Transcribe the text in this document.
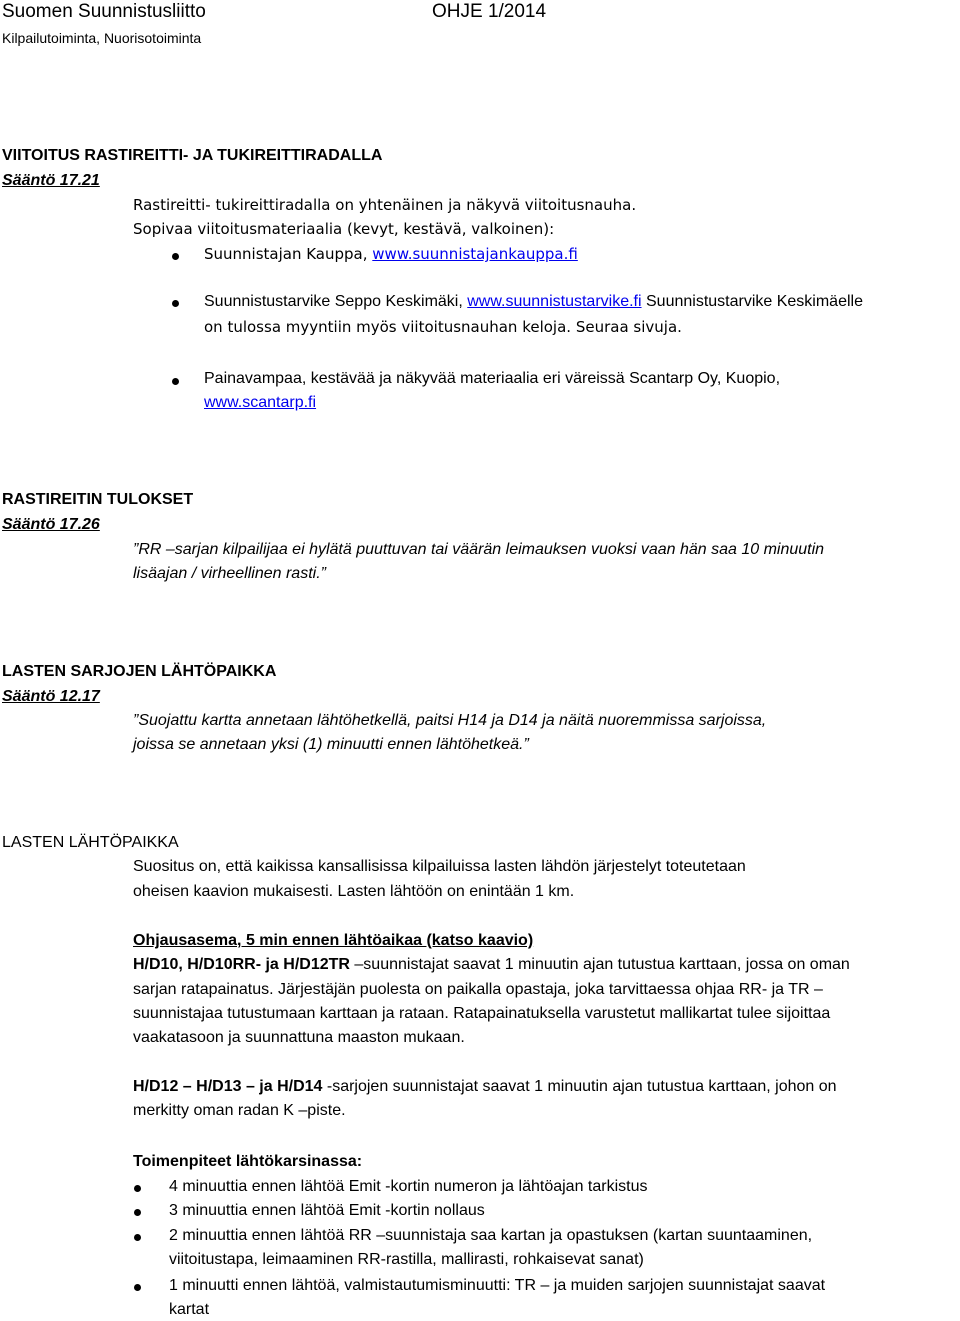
Suomen Suunnistusliitto	OHJE 1/2014
Kilpailutoiminta, Nuorisotoiminta
VIITOITUS RASTIREITTI- JA TUKIREITTIRADALLA
Sääntö 17.21
Rastireitti- tukireittiradalla on yhtenäinen ja näkyvä viitoitusnauha.
Sopivaa viitoitusmateriaalia (kevyt, kestävä, valkoinen):
Suunnistajan Kauppa, www.suunnistajankauppa.fi
Suunnistustarvike Seppo Keskimäki, www.suunnistustarvike.fi Suunnistustarvike Keskimäelle
on tulossa myyntiin myös viitoitusnauhan keloja. Seuraa sivuja.
Painavampaa, kestävää ja näkyvää materiaalia eri väreissä Scantarp Oy, Kuopio,
www.scantarp.fi
RASTIREITIN TULOKSET
Sääntö 17.26
”RR –sarjan kilpailijaa ei hylätä puuttuvan tai väärän leimauksen vuoksi vaan hän saa 10 minuutin
lisäajan / virheellinen rasti.”
LASTEN SARJOJEN LÄHTÖPAIKKA
Sääntö 12.17
”Suojattu kartta annetaan lähtöhetkellä, paitsi H14 ja D14 ja näitä nuoremmissa sarjoissa,
joissa se annetaan yksi (1) minuutti ennen lähtöhetkeä.”
LASTEN LÄHTÖPAIKKA
Suositus on, että kaikissa kansallisissa kilpailuissa lasten lähdön järjestelyt toteutetaan
oheisen kaavion mukaisesti. Lasten lähtöön on enintään 1 km.
Ohjausasema, 5 min ennen lähtöaikaa (katso kaavio)
H/D10, H/D10RR- ja H/D12TR –suunnistajat saavat 1 minuutin ajan tutustua karttaan, jossa on oman
sarjan ratapainatus. Järjestäjän puolesta on paikalla opastaja, joka tarvittaessa ohjaa RR- ja TR –
suunnistajaa tutustumaan karttaan ja rataan. Ratapainatuksella varustetut mallikartat tulee sijoittaa
vaakatasoon ja suunnattuna maaston mukaan.
H/D12 – H/D13 – ja H/D14 -sarjojen suunnistajat saavat 1 minuutin ajan tutustua karttaan, johon on
merkitty oman radan K –piste.
Toimenpiteet lähtökarsinassa:
4 minuuttia ennen lähtöä Emit -kortin numeron ja lähtöajan tarkistus
3 minuuttia ennen lähtöä Emit -kortin nollaus
2 minuuttia ennen lähtöä RR –suunnistaja saa kartan ja opastuksen (kartan suuntaaminen,
viitoitustapa, leimaaminen RR-rastilla, mallirasti, rohkaisevat sanat)
1 minuutti ennen lähtöä, valmistautumisminuutti: TR – ja muiden sarjojen suunnistajat saavat
kartat
